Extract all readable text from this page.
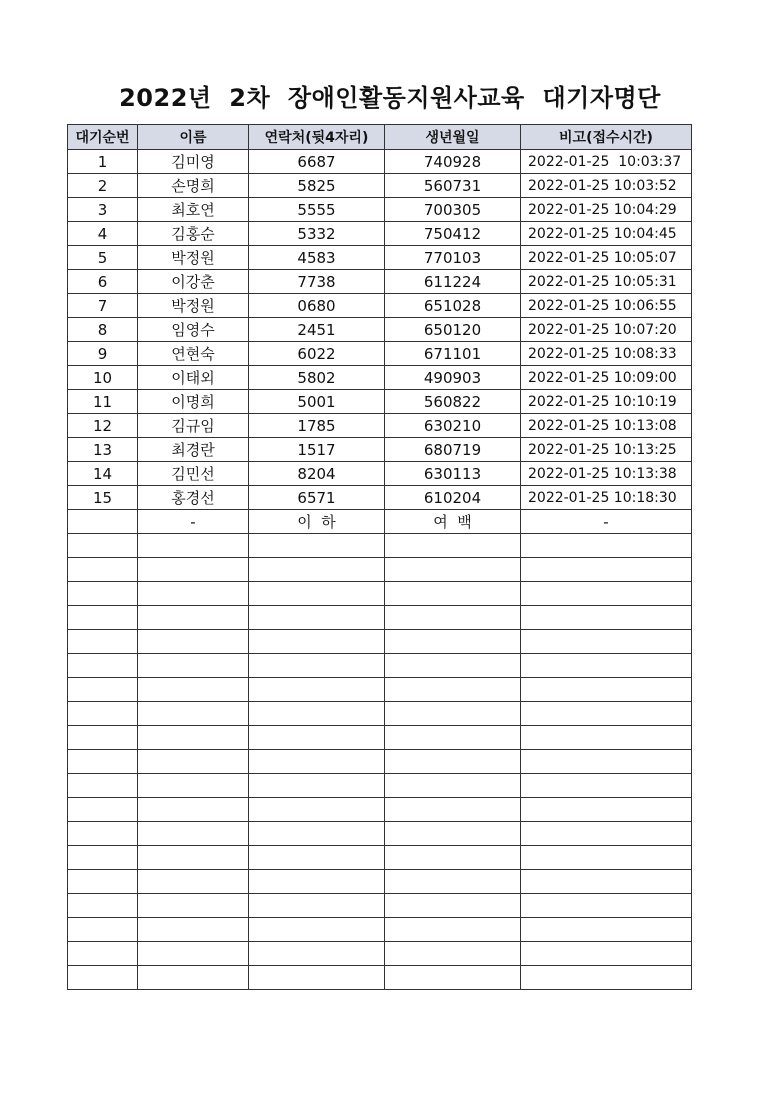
2022년  2차  장애인활동지원사교육  대기자명단
대기순번	이름	연락처(뒷4자리)	생년월일	비고(접수시간)
1	김미영	6687	740928	2022-01-25  10:03:37
2	손명희	5825	560731	2022-01-25 10:03:52
3	최호연	5555	700305	2022-01-25 10:04:29
4	김홍순	5332	750412	2022-01-25 10:04:45
5	박정원	4583	770103	2022-01-25 10:05:07
6	이강춘	7738	611224	2022-01-25 10:05:31
7	박정원	0680	651028	2022-01-25 10:06:55
8	임영수	2451	650120	2022-01-25 10:07:20
9	연현숙	6022	671101	2022-01-25 10:08:33
10	이태외	5802	490903	2022-01-25 10:09:00
11	이명희	5001	560822	2022-01-25 10:10:19
12	김규임	1785	630210	2022-01-25 10:13:08
13	최경란	1517	680719	2022-01-25 10:13:25
14	김민선	8204	630113	2022-01-25 10:13:38
15	홍경선	6571	610204	2022-01-25 10:18:30
	-	이  하	여  백	-
